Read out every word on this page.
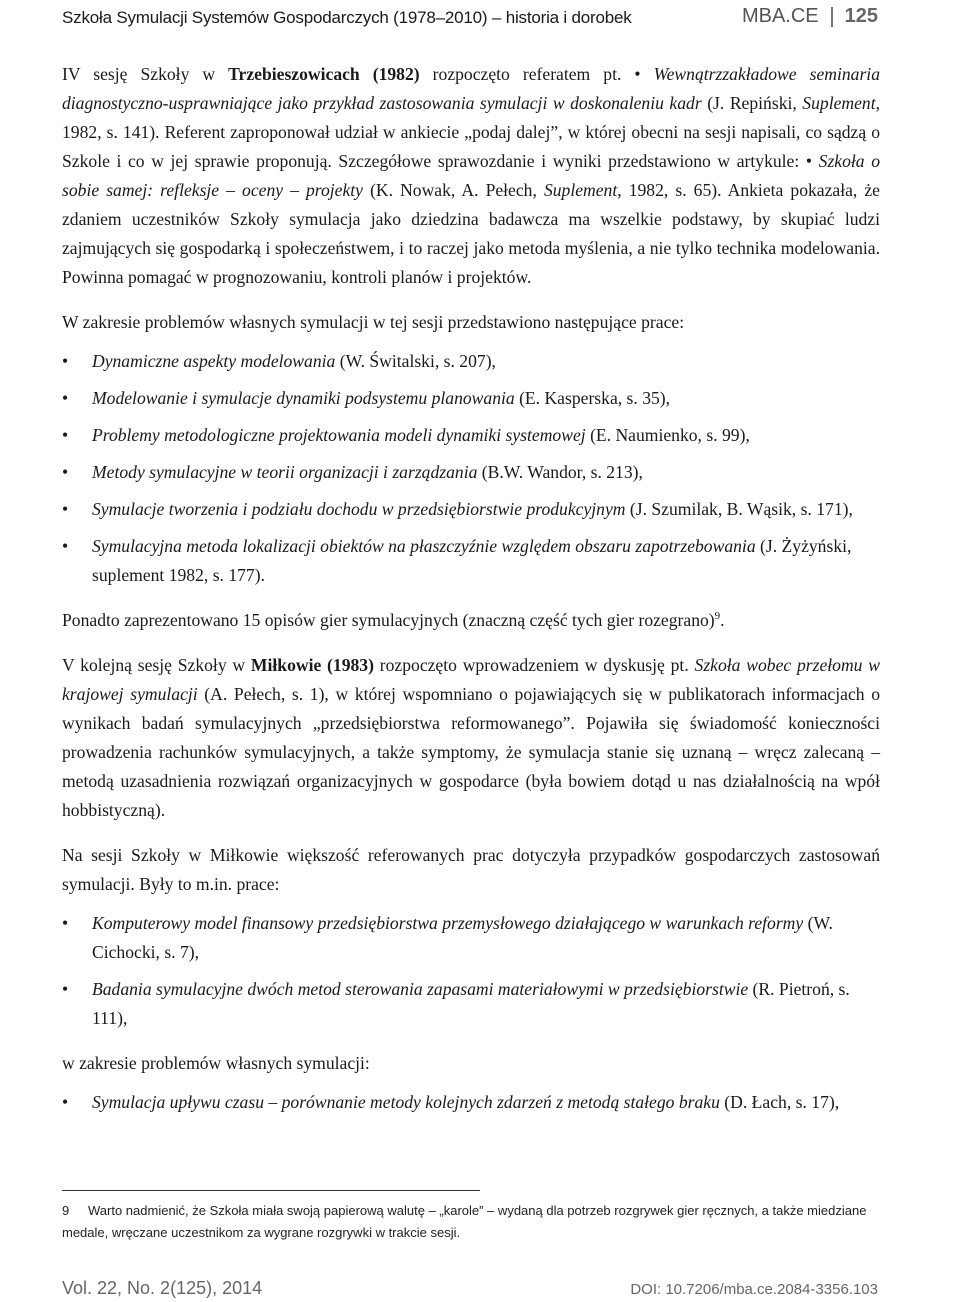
Szkoła Symulacji Systemów Gospodarczych (1978–2010) – historia i dorobek	MBA.CE 125

IV sesję Szkoły w Trzebieszowicach (1982) rozpoczęto referatem pt. • Wewnątrzzakładowe seminaria diagnostyczno-usprawniające jako przykład zastosowania symulacji w doskonaleniu kadr (J. Repiński, Suplement, 1982, s. 141). Referent zaproponował udział w ankiecie „podaj dalej”, w której obecni na sesji napisali, co sądzą o Szkole i co w jej sprawie proponują. Szczegółowe sprawozdanie i wyniki przedstawiono w artykule: • Szkoła o sobie samej: refleksje – oceny – projekty (K. Nowak, A. Pełech, Suplement, 1982, s. 65). Ankieta pokazała, że zdaniem uczestników Szkoły symulacja jako dziedzina badawcza ma wszelkie podstawy, by skupiać ludzi zajmujących się gospodarką i społeczeństwem, i to raczej jako metoda myślenia, a nie tylko technika modelowania. Powinna pomagać w prognozowaniu, kontroli planów i projektów.

W zakresie problemów własnych symulacji w tej sesji przedstawiono następujące prace:

• Dynamiczne aspekty modelowania (W. Świtalski, s. 207),
• Modelowanie i symulacje dynamiki podsystemu planowania (E. Kasperska, s. 35),
• Problemy metodologiczne projektowania modeli dynamiki systemowej (E. Naumienko, s. 99),
• Metody symulacyjne w teorii organizacji i zarządzania (B.W. Wandor, s. 213),
• Symulacje tworzenia i podziału dochodu w przedsiębiorstwie produkcyjnym (J. Szumilak, B. Wąsik, s. 171),
• Symulacyjna metoda lokalizacji obiektów na płaszczyźnie względem obszaru zapotrzebowania (J. Żyżyński, suplement 1982, s. 177).

Ponadto zaprezentowano 15 opisów gier symulacyjnych (znaczną część tych gier rozegrano)$^9$.

V kolejną sesję Szkoły w Miłkowie (1983) rozpoczęto wprowadzeniem w dyskusję pt. Szkoła wobec przełomu w krajowej symulacji (A. Pełech, s. 1), w której wspomniano o pojawiających się w publikatorach informacjach o wynikach badań symulacyjnych „przedsiębiorstwa reformowanego”. Pojawiła się świadomość konieczności prowadzenia rachunków symulacyjnych, a także symptomy, że symulacja stanie się uznaną – wręcz zalecaną – metodą uzasadnienia rozwiązań organizacyjnych w gospodarce (była bowiem dotąd u nas działalnością na wpół hobbistyczną).

Na sesji Szkoły w Miłkowie większość referowanych prac dotyczyła przypadków gospodarczych zastosowań symulacji. Były to m.in. prace:

• Komputerowy model finansowy przedsiębiorstwa przemysłowego działającego w warunkach reformy (W. Cichocki, s. 7),
• Badania symulacyjne dwóch metod sterowania zapasami materiałowymi w przedsiębiorstwie (R. Pietroń, s. 111),

w zakresie problemów własnych symulacji:

• Symulacja upływu czasu – porównanie metody kolejnych zdarzeń z metodą stałego braku (D. Łach, s. 17),
9 Warto nadmienić, że Szkoła miała swoją papierową walutę – „karole” – wydaną dla potrzeb rozgrywek gier ręcznych, a także miedziane medale, wręczane uczestnikom za wygrane rozgrywki w trakcie sesji.
Vol. 22, No. 2(125), 2014	DOI: 10.7206/mba.ce.2084-3356.103
